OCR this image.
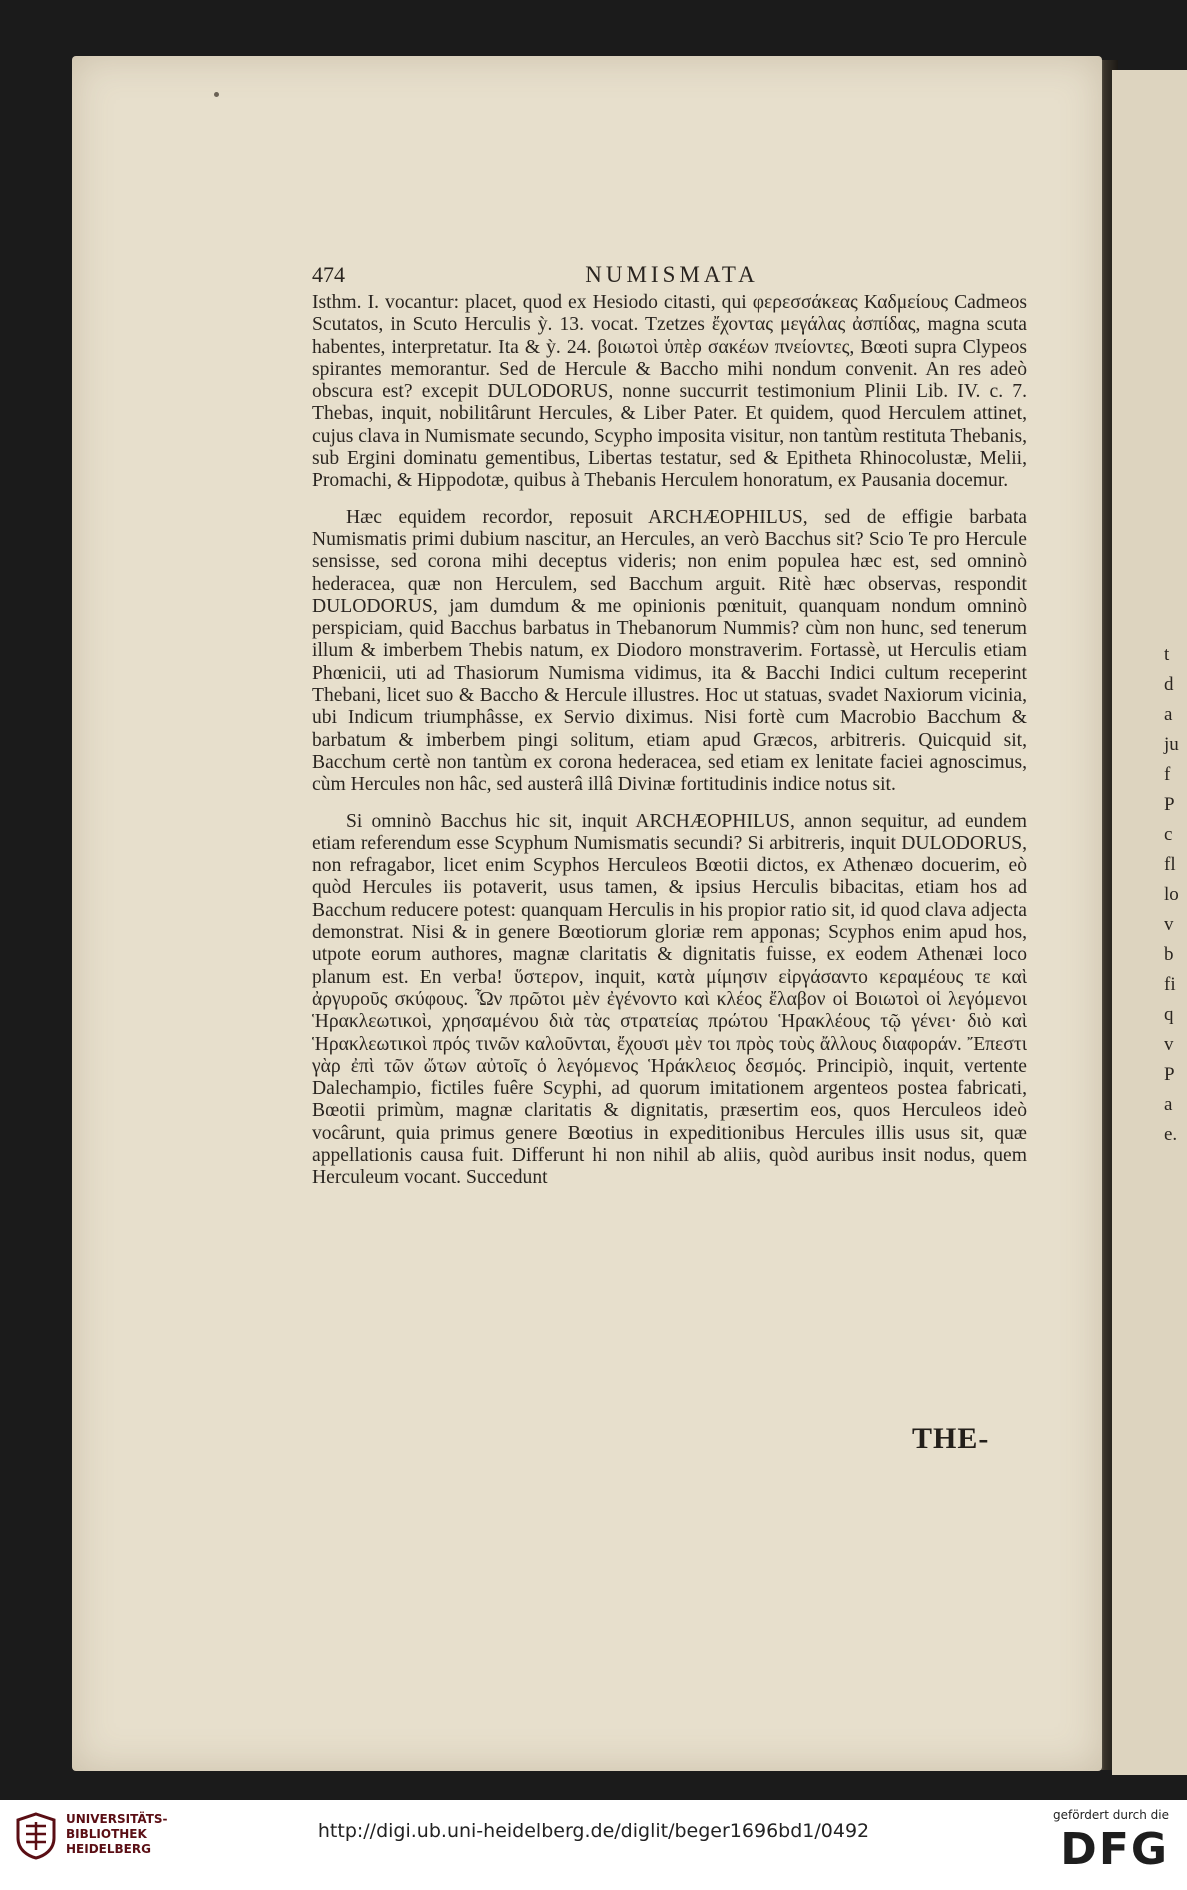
t
d
a
ju
f
P
c
fl
lo
v
b
fi
q
v
P
a
e.
474	NUMISMATA

Isthm. I. vocantur: placet, quod ex Hesiodo citasti, qui φερεσσάκεας Καδμείους Cadmeos Scutatos, in Scuto Herculis ỳ. 13. vocat. Tzetzes ἔχοντας μεγάλας ἀσπίδας, magna scuta habentes, interpretatur. Ita & ỳ. 24. βοιωτοὶ ὑπὲρ σακέων πνείοντες, Bœoti supra Clypeos spirantes memorantur. Sed de Hercule & Baccho mihi nondum convenit. An res adeò obscura est? excepit DULODORUS, nonne succurrit testimonium Plinii Lib. IV. c. 7. Thebas, inquit, nobilitârunt Hercules, & Liber Pater. Et quidem, quod Herculem attinet, cujus clava in Numismate secundo, Scypho imposita visitur, non tantùm restituta Thebanis, sub Ergini dominatu gementibus, Libertas testatur, sed & Epitheta Rhinocolustæ, Melii, Promachi, & Hippodotæ, quibus à Thebanis Herculem honoratum, ex Pausania docemur.

Hæc equidem recordor, reposuit ARCHÆOPHILUS, sed de effigie barbata Numismatis primi dubium nascitur, an Hercules, an verò Bacchus sit? Scio Te pro Hercule sensisse, sed corona mihi deceptus videris; non enim populea hæc est, sed omninò hederacea, quæ non Herculem, sed Bacchum arguit. Ritè hæc observas, respondit DULODORUS, jam dumdum & me opinionis pœnituit, quanquam nondum omninò perspiciam, quid Bacchus barbatus in Thebanorum Nummis? cùm non hunc, sed tenerum illum & imberbem Thebis natum, ex Diodoro monstraverim. Fortassè, ut Herculis etiam Phœnicii, uti ad Thasiorum Numisma vidimus, ita & Bacchi Indici cultum receperint Thebani, licet suo & Baccho & Hercule illustres. Hoc ut statuas, svadet Naxiorum vicinia, ubi Indicum triumphâsse, ex Servio diximus. Nisi fortè cum Macrobio Bacchum & barbatum & imberbem pingi solitum, etiam apud Græcos, arbitreris. Quicquid sit, Bacchum certè non tantùm ex corona hederacea, sed etiam ex lenitate faciei agnoscimus, cùm Hercules non hâc, sed austerâ illâ Divinæ fortitudinis indice notus sit.

Si omninò Bacchus hic sit, inquit ARCHÆOPHILUS, annon sequitur, ad eundem etiam referendum esse Scyphum Numismatis secundi? Si arbitreris, inquit DULODORUS, non refragabor, licet enim Scyphos Herculeos Bœotii dictos, ex Athenæo docuerim, eò quòd Hercules iis potaverit, usus tamen, & ipsius Herculis bibacitas, etiam hos ad Bacchum reducere potest: quanquam Herculis in his propior ratio sit, id quod clava adjecta demonstrat. Nisi & in genere Bœotiorum gloriæ rem apponas; Scyphos enim apud hos, utpote eorum authores, magnæ claritatis & dignitatis fuisse, ex eodem Athenæi loco planum est. En verba! ὕστερον, inquit, κατὰ μίμησιν εἰργάσαντο κεραμέους τε καὶ ἀργυροῦς σκύφους. Ὧν πρῶτοι μὲν ἐγένοντο καὶ κλέος ἔλαβον οἱ Βοιωτοὶ οἱ λεγόμενοι Ἡρακλεωτικοὶ, χρησαμένου διὰ τὰς στρατείας πρώτου Ἡρακλέους τῷ γένει· διὸ καὶ Ἡρακλεωτικοὶ πρός τινῶν καλοῦνται, ἔχουσι μὲν τοι πρὸς τοὺς ἄλλους διαφοράν. Ἔπεστι γὰρ ἐπὶ τῶν ὤτων αὐτοῖς ὁ λεγόμενος Ἡράκλειος δεσμός. Principiò, inquit, vertente Dalechampio, fictiles fuêre Scyphi, ad quorum imitationem argenteos postea fabricati, Bœotii primùm, magnæ claritatis & dignitatis, præsertim eos, quos Herculeos ideò vocârunt, quia primus genere Bœotius in expeditionibus Hercules illis usus sit, quæ appellationis causa fuit. Differunt hi non nihil ab aliis, quòd auribus insit nodus, quem Herculeum vocant. Succedunt

THE-
UNIVERSITÄTS-
BIBLIOTHEK
HEIDELBERG
http://digi.ub.uni-heidelberg.de/diglit/beger1696bd1/0492
gefördert durch die
DFG
